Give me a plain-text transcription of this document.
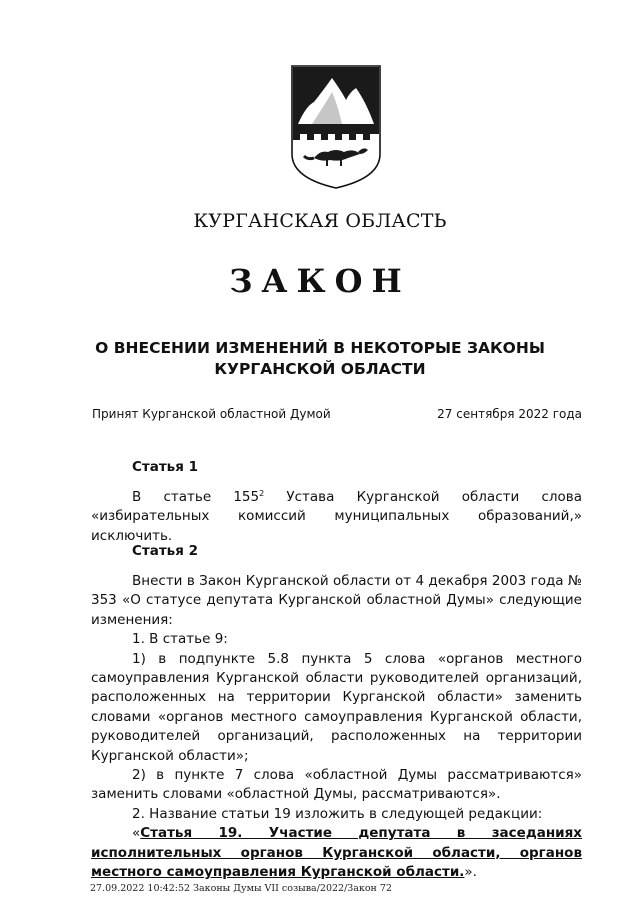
КУРГАНСКАЯ ОБЛАСТЬ
ЗАКОН
О ВНЕСЕНИИ ИЗМЕНЕНИЙ В НЕКОТОРЫЕ ЗАКОНЫ
КУРГАНСКОЙ ОБЛАСТИ
Принят Курганской областной Думой	27 сентября 2022 года
Статья 1

В статье $155^2$ Устава Курганской области слова «избирательных комиссий муниципальных образований,» исключить.

Статья 2

Внести в Закон Курганской области от 4 декабря 2003 года № 353 «О статусе депутата Курганской областной Думы» следующие изменения:

1. В статье 9:

1) в подпункте 5.8 пункта 5 слова «органов местного самоуправления Курганской области руководителей организаций, расположенных на территории Курганской области» заменить словами «органов местного самоуправления Курганской области, руководителей организаций, расположенных на территории Курганской области»;

2) в пункте 7 слова «областной Думы рассматриваются» заменить словами «областной Думы, рассматриваются».

2. Название статьи 19 изложить в следующей редакции:

«Статья 19. Участие депутата в заседаниях исполнительных органов Курганской области, органов местного самоуправления Курганской области.».

27.09.2022 10:42:52 Законы Думы VII созыва/2022/Закон 72
